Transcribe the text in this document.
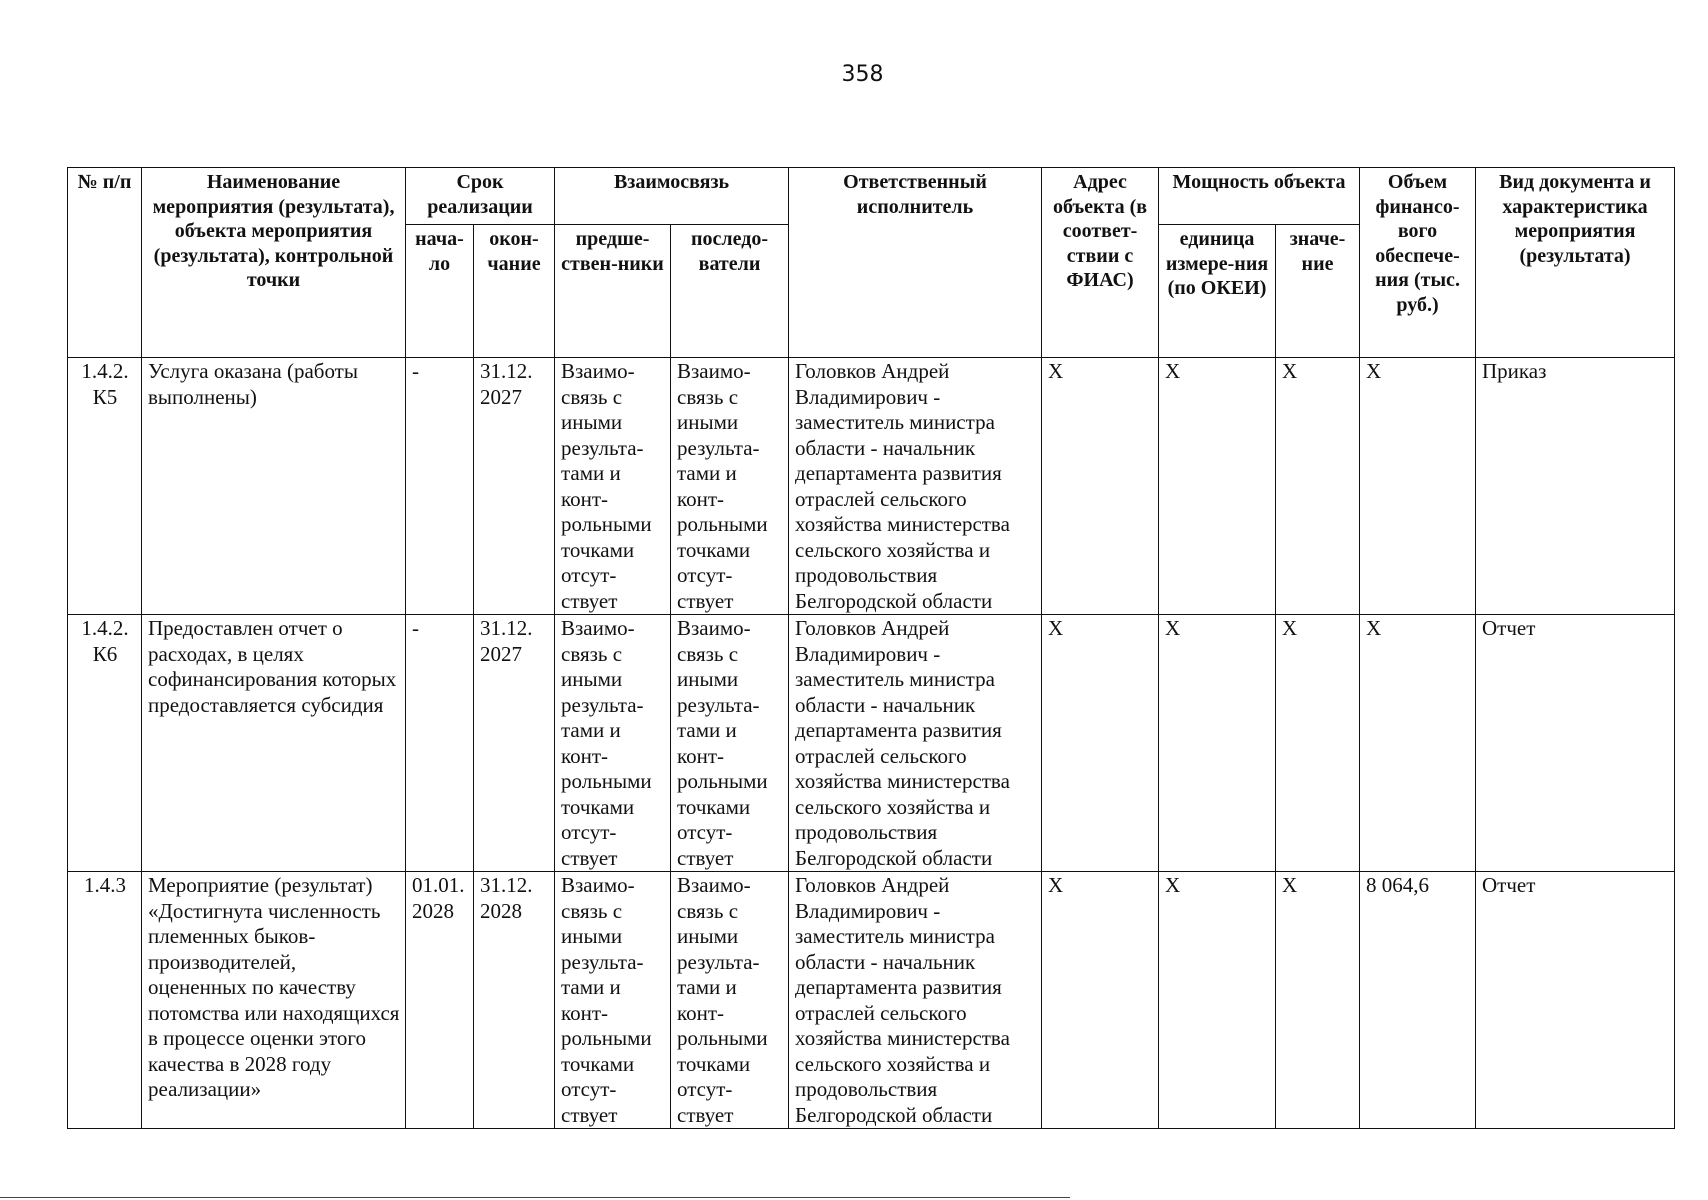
358
№ п/п	Наименование мероприятия (результата), объекта мероприятия (результата), контрольной точки	Срок реализации		Взаимосвязь		Ответственный исполнитель	Адрес объекта (в соответ-ствии с ФИАС)	Мощность объекта		Объем финансо-вого обеспече-ния (тыс. руб.)	Вид документа и характеристика мероприятия (результата)
		нача-ло	окон-чание	предше-ствен-ники	последо-ватели			единица измере-ния (по ОКЕИ)	значе-ние		
1.4.2. К5	Услуга оказана (работы выполнены)	-	31.12. 2027	Взаимо-связь с иными результа-тами и конт-рольными точками отсут-ствует	Взаимо-связь с иными результа-тами и конт-рольными точками отсут-ствует	Головков Андрей Владимирович - заместитель министра области - начальник департамента развития отраслей сельского хозяйства министерства сельского хозяйства и продовольствия Белгородской области	X	X	X	X	Приказ
1.4.2. К6	Предоставлен отчет о расходах, в целях софинансирования которых предоставляется субсидия	-	31.12. 2027	Взаимо-связь с иными результа-тами и конт-рольными точками отсут-ствует	Взаимо-связь с иными результа-тами и конт-рольными точками отсут-ствует	Головков Андрей Владимирович - заместитель министра области - начальник департамента развития отраслей сельского хозяйства министерства сельского хозяйства и продовольствия Белгородской области	X	X	X	X	Отчет
1.4.3	Мероприятие (результат) «Достигнута численность племенных быков-производителей, оцененных по качеству потомства или находящихся в процессе оценки этого качества в 2028 году реализации»	01.01. 2028	31.12. 2028	Взаимо-связь с иными результа-тами и конт-рольными точками отсут-ствует	Взаимо-связь с иными результа-тами и конт-рольными точками отсут-ствует	Головков Андрей Владимирович - заместитель министра области - начальник департамента развития отраслей сельского хозяйства министерства сельского хозяйства и продовольствия Белгородской области	X	X	X	8 064,6	Отчет
